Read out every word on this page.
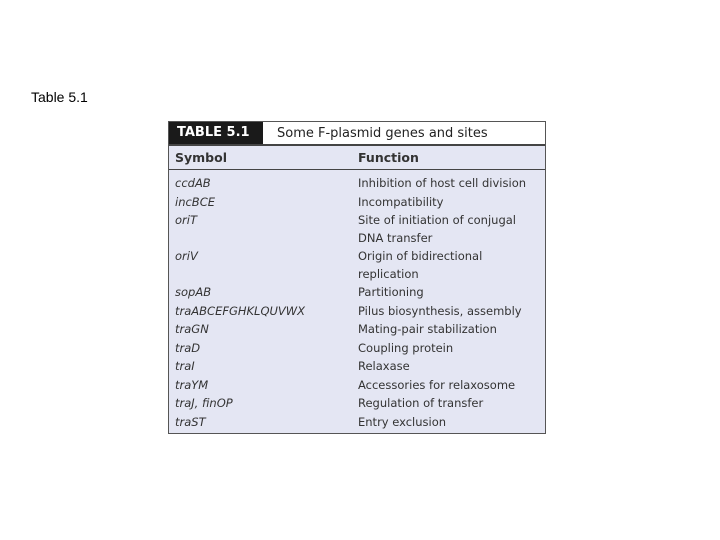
Table 5.1
TABLE 5.1	Some F-plasmid genes and sites
Symbol	Function
ccdAB	Inhibition of host cell division
incBCE	Incompatibility
oriT	Site of initiation of conjugal DNA transfer
oriV	Origin of bidirectional replication
sopAB	Partitioning
traABCEFGHKLQUVWX	Pilus biosynthesis, assembly
traGN	Mating-pair stabilization
traD	Coupling protein
traI	Relaxase
traYM	Accessories for relaxosome
traJ, finOP	Regulation of transfer
traST	Entry exclusion
